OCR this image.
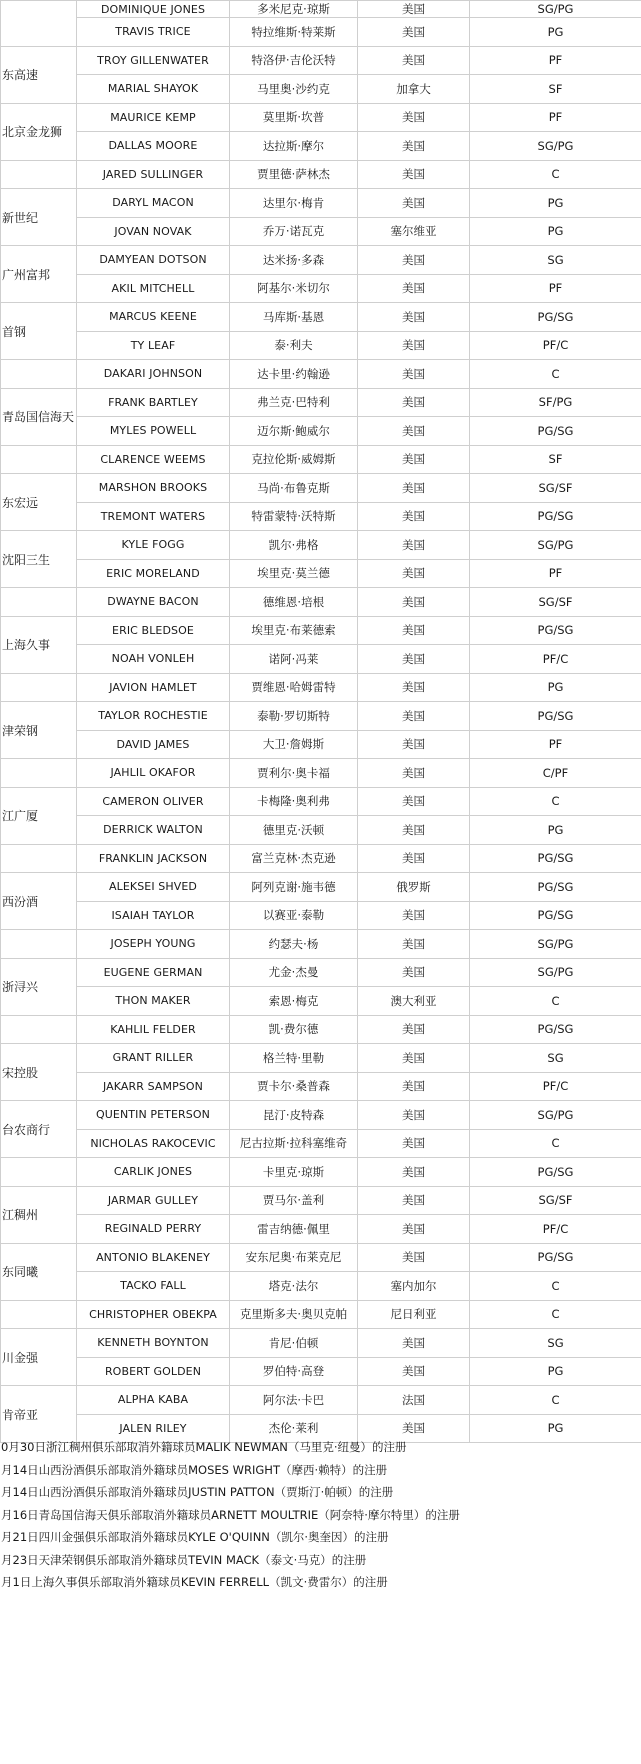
	DOMINIQUE JONES	多米尼克·琼斯	美国	SG/PG
	TRAVIS TRICE	特拉维斯·特莱斯	美国	PG
东高速	TROY GILLENWATER	特洛伊·吉伦沃特	美国	PF
	MARIAL SHAYOK	马里奥·沙约克	加拿大	SF
北京金龙狮	MAURICE KEMP	莫里斯·坎普	美国	PF
	DALLAS MOORE	达拉斯·摩尔	美国	SG/PG
	JARED SULLINGER	贾里德·萨林杰	美国	C
新世纪	DARYL MACON	达里尔·梅肯	美国	PG
	JOVAN NOVAK	乔万·诺瓦克	塞尔维亚	PG
广州富邦	DAMYEAN DOTSON	达米扬·多森	美国	SG
	AKIL MITCHELL	阿基尔·米切尔	美国	PF
首钢	MARCUS KEENE	马库斯·基恩	美国	PG/SG
	TY LEAF	泰·利夫	美国	PF/C
	DAKARI JOHNSON	达卡里·约翰逊	美国	C
青岛国信海天	FRANK BARTLEY	弗兰克·巴特利	美国	SF/PG
	MYLES POWELL	迈尔斯·鲍威尔	美国	PG/SG
	CLARENCE WEEMS	克拉伦斯·威姆斯	美国	SF
东宏远	MARSHON BROOKS	马尚·布鲁克斯	美国	SG/SF
	TREMONT WATERS	特雷蒙特·沃特斯	美国	PG/SG
沈阳三生	KYLE FOGG	凯尔·弗格	美国	SG/PG
	ERIC MORELAND	埃里克·莫兰德	美国	PF
	DWAYNE BACON	德维恩·培根	美国	SG/SF
上海久事	ERIC BLEDSOE	埃里克·布莱德索	美国	PG/SG
	NOAH VONLEH	诺阿·冯莱	美国	PF/C
	JAVION HAMLET	贾维恩·哈姆雷特	美国	PG
津荣钢	TAYLOR ROCHESTIE	泰勒·罗切斯特	美国	PG/SG
	DAVID JAMES	大卫·詹姆斯	美国	PF
	JAHLIL OKAFOR	贾利尔·奥卡福	美国	C/PF
江广厦	CAMERON OLIVER	卡梅隆·奥利弗	美国	C
	DERRICK WALTON	德里克·沃顿	美国	PG
	FRANKLIN JACKSON	富兰克林·杰克逊	美国	PG/SG
西汾酒	ALEKSEI SHVED	阿列克谢·施韦德	俄罗斯	PG/SG
	ISAIAH TAYLOR	以赛亚·泰勒	美国	PG/SG
	JOSEPH YOUNG	约瑟夫·杨	美国	SG/PG
浙浔兴	EUGENE GERMAN	尤金·杰曼	美国	SG/PG
	THON MAKER	索恩·梅克	澳大利亚	C
	KAHLIL FELDER	凯·费尔德	美国	PG/SG
宋控股	GRANT RILLER	格兰特·里勒	美国	SG
	JAKARR SAMPSON	贾卡尔·桑普森	美国	PF/C
台农商行	QUENTIN PETERSON	昆汀·皮特森	美国	SG/PG
	NICHOLAS RAKOCEVIC	尼古拉斯·拉科塞维奇	美国	C
	CARLIK JONES	卡里克·琼斯	美国	PG/SG
江稠州	JARMAR GULLEY	贾马尔·盖利	美国	SG/SF
	REGINALD PERRY	雷吉纳德·佩里	美国	PF/C
东同曦	ANTONIO BLAKENEY	安东尼奥·布莱克尼	美国	PG/SG
	TACKO FALL	塔克·法尔	塞内加尔	C
	CHRISTOPHER OBEKPA	克里斯多夫·奥贝克帕	尼日利亚	C
川金强	KENNETH BOYNTON	肯尼·伯顿	美国	SG
	ROBERT GOLDEN	罗伯特·高登	美国	PG
肯帝亚	ALPHA KABA	阿尔法·卡巴	法国	C
	JALEN RILEY	杰伦·莱利	美国	PG
0月30日浙江稠州俱乐部取消外籍球员MALIK NEWMAN（马里克·纽曼）的注册
月14日山西汾酒俱乐部取消外籍球员MOSES WRIGHT（摩西·赖特）的注册
月14日山西汾酒俱乐部取消外籍球员JUSTIN PATTON（贾斯汀·帕顿）的注册
月16日青岛国信海天俱乐部取消外籍球员ARNETT MOULTRIE（阿奈特·摩尔特里）的注册
月21日四川金强俱乐部取消外籍球员KYLE O'QUINN（凯尔·奥奎因）的注册
月23日天津荣钢俱乐部取消外籍球员TEVIN MACK（泰文·马克）的注册
月1日上海久事俱乐部取消外籍球员KEVIN FERRELL（凯文·费雷尔）的注册
